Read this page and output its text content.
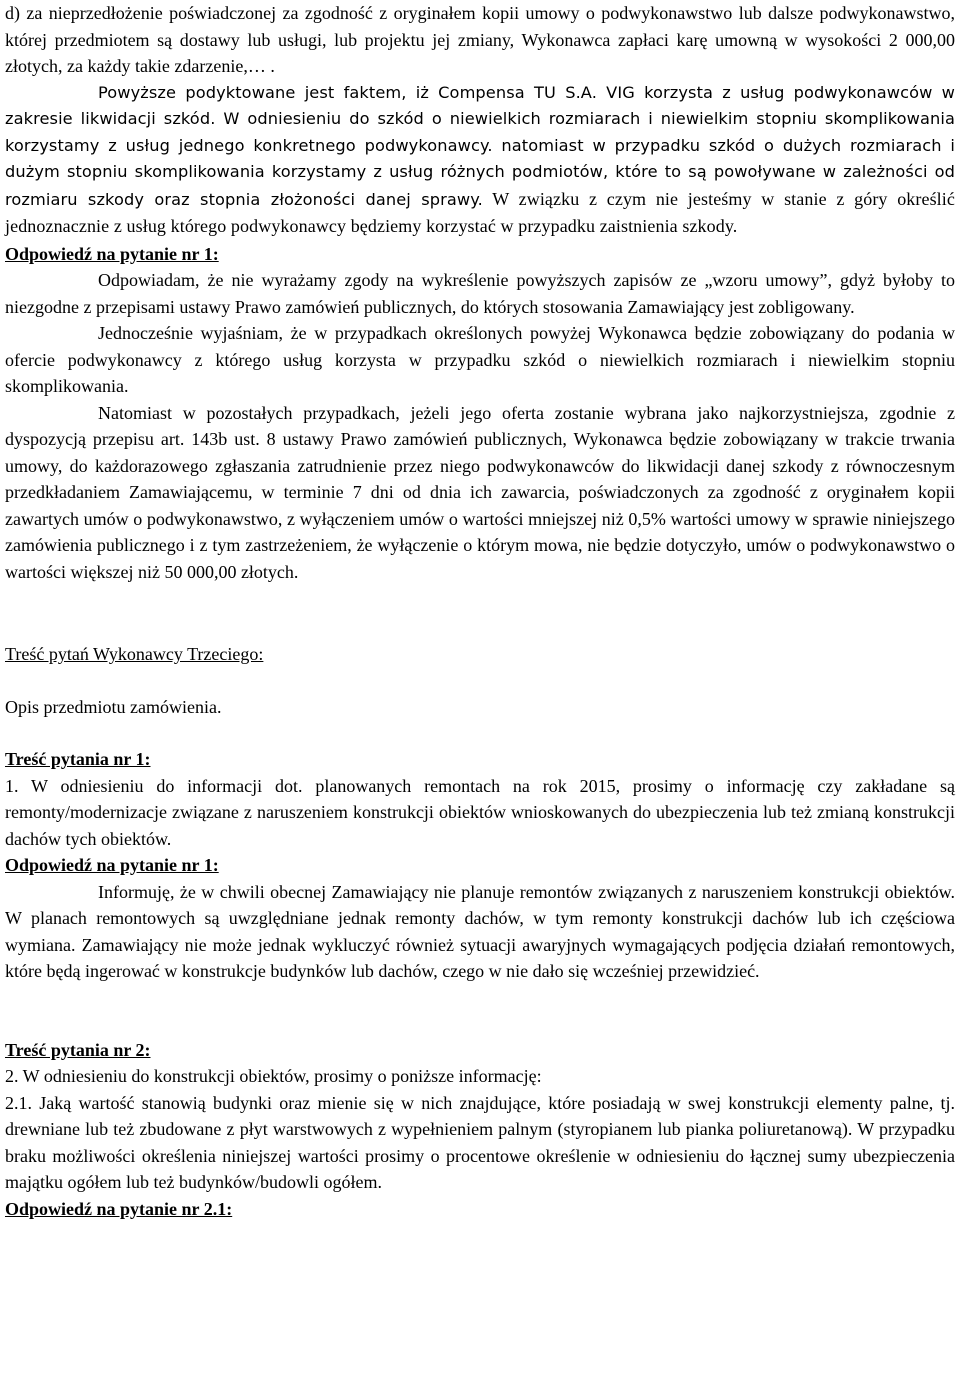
d) za nieprzedłożenie poświadczonej za zgodność z oryginałem kopii umowy o podwykonawstwo lub dalsze podwykonawstwo, której przedmiotem są dostawy lub usługi, lub projektu jej zmiany, Wykonawca zapłaci karę umowną w wysokości 2 000,00 złotych, za każdy takie zdarzenie,… .

Powyższe podyktowane jest faktem, iż Compensa TU S.A. VIG korzysta z usług podwykonawców w zakresie likwidacji szkód. W odniesieniu do szkód o niewielkich rozmiarach i niewielkim stopniu skomplikowania korzystamy z usług jednego konkretnego podwykonawcy. natomiast w przypadku szkód o dużych rozmiarach i dużym stopniu skomplikowania korzystamy z usług różnych podmiotów, które to są powoływane w zależności od rozmiaru szkody oraz stopnia złożoności danej sprawy. W związku z czym nie jesteśmy w stanie z góry określić jednoznacznie z usług którego podwykonawcy będziemy korzystać w przypadku zaistnienia szkody.

Odpowiedź na pytanie nr 1:

Odpowiadam, że nie wyrażamy zgody na wykreślenie powyższych zapisów ze „wzoru umowy”, gdyż byłoby to niezgodne z przepisami ustawy Prawo zamówień publicznych, do których stosowania Zamawiający jest zobligowany.

Jednocześnie wyjaśniam, że w przypadkach określonych powyżej Wykonawca będzie zobowiązany do podania w ofercie podwykonawcy z którego usług korzysta w przypadku szkód o niewielkich rozmiarach i niewielkim stopniu skomplikowania.

Natomiast w pozostałych przypadkach, jeżeli jego oferta zostanie wybrana jako najkorzystniejsza, zgodnie z dyspozycją przepisu art. 143b ust. 8 ustawy Prawo zamówień publicznych, Wykonawca będzie zobowiązany w trakcie trwania umowy, do każdorazowego zgłaszania zatrudnienie przez niego podwykonawców do likwidacji danej szkody z równoczesnym przedkładaniem Zamawiającemu, w terminie 7 dni od dnia ich zawarcia, poświadczonych za zgodność z oryginałem kopii zawartych umów o podwykonawstwo, z wyłączeniem umów o wartości mniejszej niż 0,5% wartości umowy w sprawie niniejszego zamówienia publicznego i z tym zastrzeżeniem, że wyłączenie o którym mowa, nie będzie dotyczyło, umów o podwykonawstwo o wartości większej niż 50 000,00 złotych.

Treść pytań Wykonawcy Trzeciego:

Opis przedmiotu zamówienia.

Treść pytania nr 1:

1. W odniesieniu do informacji dot. planowanych remontach na rok 2015, prosimy o informację czy zakładane są remonty/modernizacje związane z naruszeniem konstrukcji obiektów wnioskowanych do ubezpieczenia lub też zmianą konstrukcji dachów tych obiektów.

Odpowiedź na pytanie nr 1:

Informuję, że w chwili obecnej Zamawiający nie planuje remontów związanych z naruszeniem konstrukcji obiektów. W planach remontowych są uwzględniane jednak remonty dachów, w tym remonty konstrukcji dachów lub ich częściowa wymiana. Zamawiający nie może jednak wykluczyć również sytuacji awaryjnych wymagających podjęcia działań remontowych, które będą ingerować w konstrukcje budynków lub dachów, czego w nie dało się wcześniej przewidzieć.

Treść pytania nr 2:

2. W odniesieniu do konstrukcji obiektów, prosimy o poniższe informację:

2.1. Jaką wartość stanowią budynki oraz mienie się w nich znajdujące, które posiadają w swej konstrukcji elementy palne, tj. drewniane lub też zbudowane z płyt warstwowych z wypełnieniem palnym (styropianem lub pianka poliuretanową). W przypadku braku możliwości określenia niniejszej wartości prosimy o procentowe określenie w odniesieniu do łącznej sumy ubezpieczenia majątku ogółem lub też budynków/budowli ogółem.

Odpowiedź na pytanie nr 2.1:
